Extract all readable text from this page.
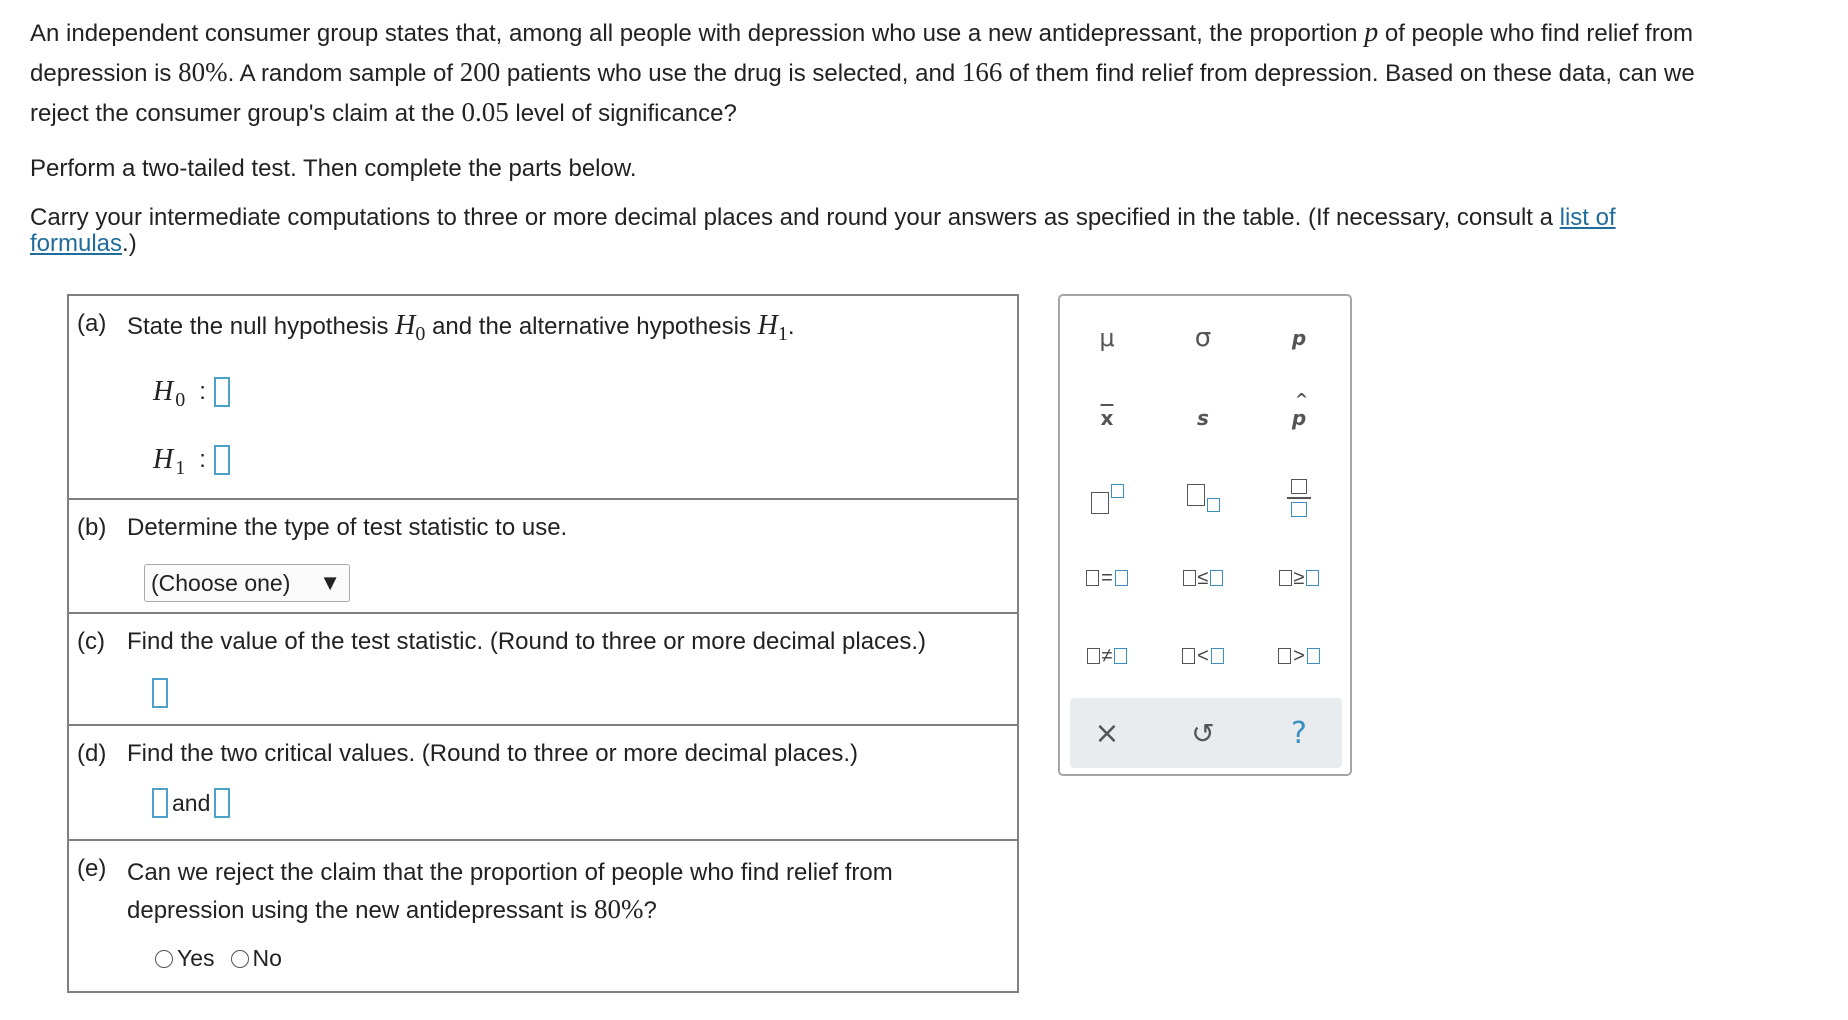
An independent consumer group states that, among all people with depression who use a new antidepressant, the proportion p of people who find relief from

depression is 80%. A random sample of 200 patients who use the drug is selected, and 166 of them find relief from depression. Based on these data, can we

reject the consumer group's claim at the 0.05 level of significance?

Perform a two-tailed test. Then complete the parts below.
Carry your intermediate computations to three or more decimal places and round your answers as specified in the table. (If necessary, consult a list of
formulas.)
(a) State the null hypothesis $H_0$ and the alternative hypothesis $H_1$.
H 0 :
H 1 :
(b) Determine the type of test statistic to use.
(Choose one) ▼
(c) Find the value of the test statistic. (Round to three or more decimal places.)
(d) Find the two critical values. (Round to three or more decimal places.)
and
(e) Can we reject the claim that the proportion of people who find relief from
depression using the new antidepressant is 80%?
Yes No
μ	σ	p
$\overline{x}$	s
^
p
=	≤	≥
≠	<	>
×	↺	?
